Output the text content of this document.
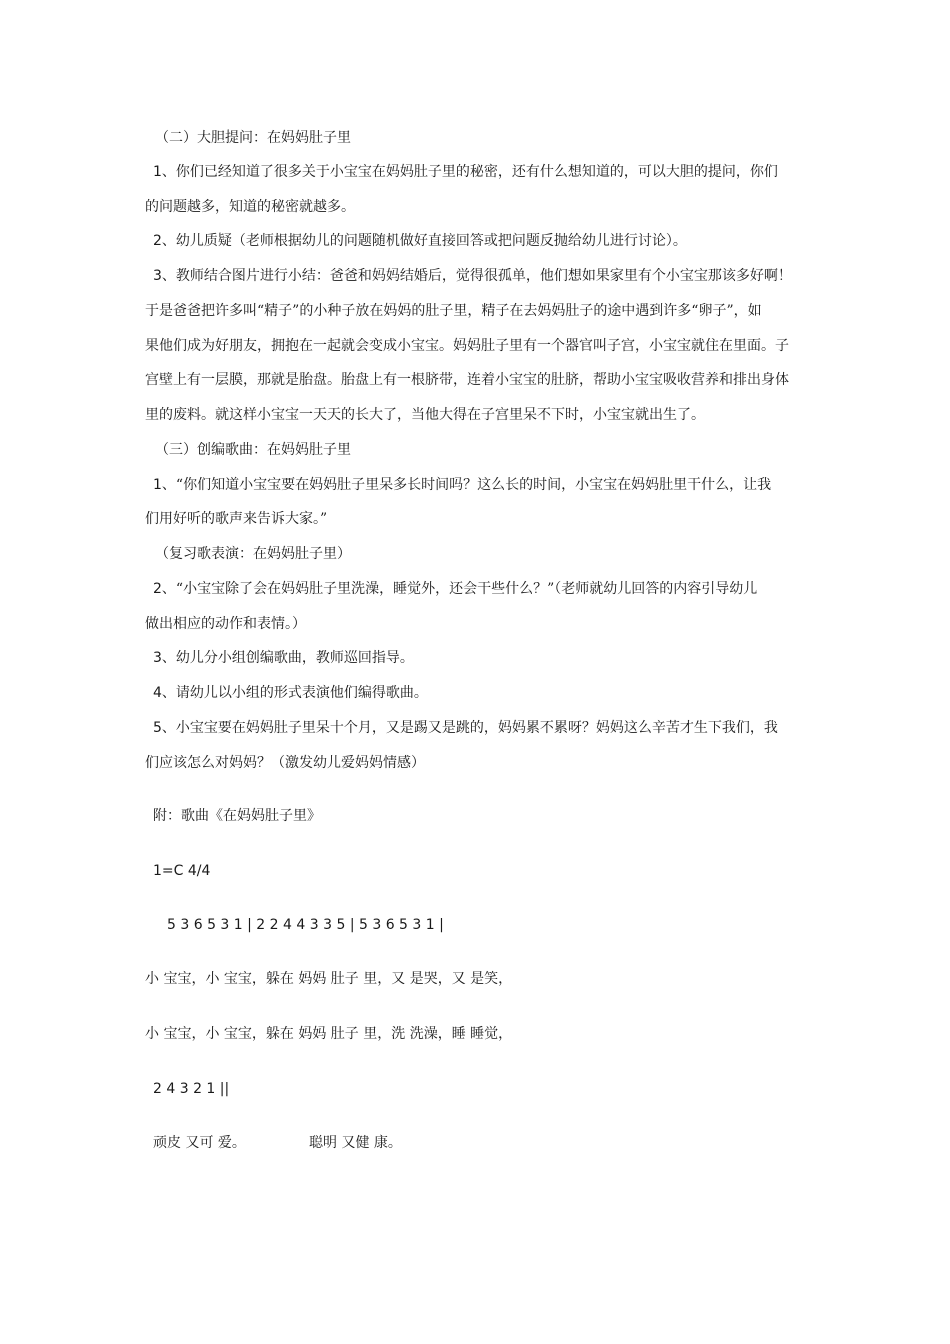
（二）大胆提问：在妈妈肚子里
1、你们已经知道了很多关于小宝宝在妈妈肚子里的秘密，还有什么想知道的，可以大胆的提问，你们
的问题越多，知道的秘密就越多。
2、幼儿质疑（老师根据幼儿的问题随机做好直接回答或把问题反抛给幼儿进行讨论）。
3、教师结合图片进行小结：爸爸和妈妈结婚后，觉得很孤单，他们想如果家里有个小宝宝那该多好啊！
于是爸爸把许多叫“精子”的小种子放在妈妈的肚子里，精子在去妈妈肚子的途中遇到许多“卵子”，如
果他们成为好朋友，拥抱在一起就会变成小宝宝。妈妈肚子里有一个器官叫子宫，小宝宝就住在里面。子
宫壁上有一层膜，那就是胎盘。胎盘上有一根脐带，连着小宝宝的肚脐，帮助小宝宝吸收营养和排出身体
里的废料。就这样小宝宝一天天的长大了，当他大得在子宫里呆不下时，小宝宝就出生了。
（三）创编歌曲：在妈妈肚子里
1、“你们知道小宝宝要在妈妈肚子里呆多长时间吗？这么长的时间，小宝宝在妈妈肚里干什么，让我
们用好听的歌声来告诉大家。”
（复习歌表演：在妈妈肚子里）
2、“小宝宝除了会在妈妈肚子里洗澡，睡觉外，还会干些什么？”（老师就幼儿回答的内容引导幼儿
做出相应的动作和表情。）
3、幼儿分小组创编歌曲，教师巡回指导。
4、请幼儿以小组的形式表演他们编得歌曲。
5、小宝宝要在妈妈肚子里呆十个月，又是踢又是跳的，妈妈累不累呀？妈妈这么辛苦才生下我们，我
们应该怎么对妈妈？（激发幼儿爱妈妈情感）
附：歌曲《在妈妈肚子里》
1=C 4/4
5 3 6 5 3 1 | 2 2 4 4 3 3 5 | 5 3 6 5 3 1 |
小 宝宝，小 宝宝，躲在 妈妈 肚子 里，又 是哭，又 是笑，
小 宝宝，小 宝宝，躲在 妈妈 肚子 里，洗 洗澡，睡 睡觉，
2 4 3 2 1 ||
顽皮 又可 爱。	聪明 又健 康。
